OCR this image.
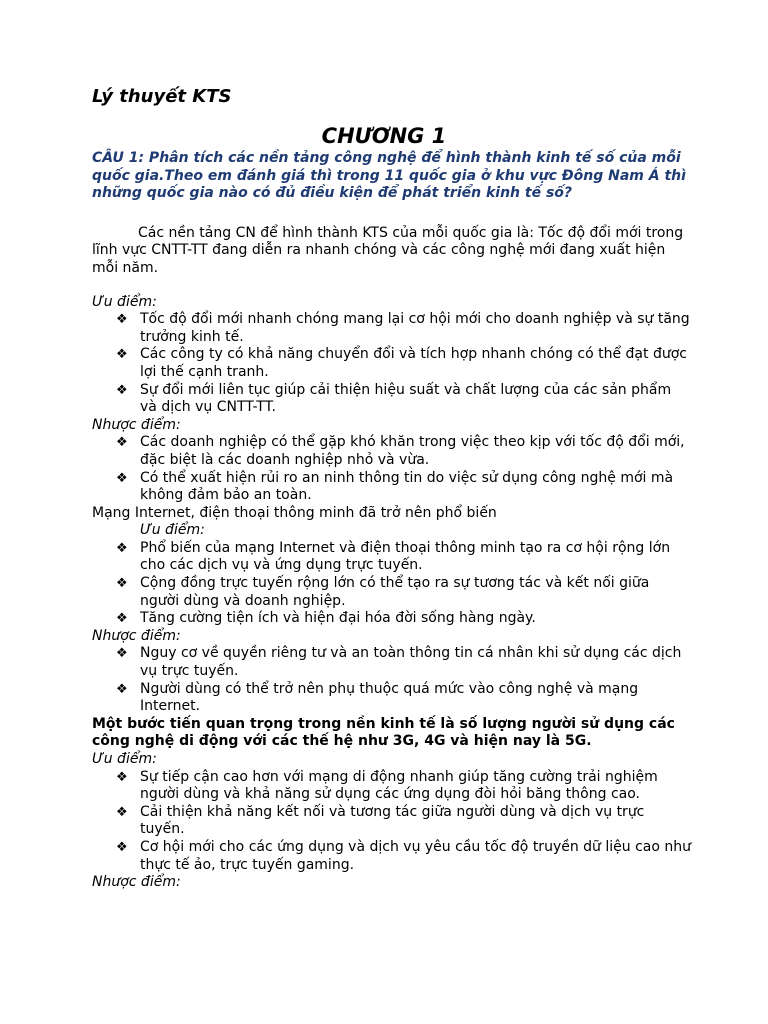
Lý thuyết KTS
CHƯƠNG 1
CÂU 1: Phân tích các nền tảng công nghệ để hình thành kinh tế số của mỗi quốc gia.Theo em đánh giá thì trong 11 quốc gia ở khu vực Đông Nam Á thì những quốc gia nào có đủ điều kiện để phát triển kinh tế số?
Các nền tảng CN để hình thành KTS của mỗi quốc gia là: Tốc độ đổi mới trong lĩnh vực CNTT-TT đang diễn ra nhanh chóng và các công nghệ mới đang xuất hiện mỗi năm.
Ưu điểm:
❖ Tốc độ đổi mới nhanh chóng mang lại cơ hội mới cho doanh nghiệp và sự tăng trưởng kinh tế.
❖ Các công ty có khả năng chuyển đổi và tích hợp nhanh chóng có thể đạt được lợi thế cạnh tranh.
❖ Sự đổi mới liên tục giúp cải thiện hiệu suất và chất lượng của các sản phẩm và dịch vụ CNTT-TT.
Nhược điểm:
❖ Các doanh nghiệp có thể gặp khó khăn trong việc theo kịp với tốc độ đổi mới, đặc biệt là các doanh nghiệp nhỏ và vừa.
❖ Có thể xuất hiện rủi ro an ninh thông tin do việc sử dụng công nghệ mới mà không đảm bảo an toàn.
Mạng Internet, điện thoại thông minh đã trở nên phổ biến
Ưu điểm:
❖ Phổ biến của mạng Internet và điện thoại thông minh tạo ra cơ hội rộng lớn cho các dịch vụ và ứng dụng trực tuyến.
❖ Cộng đồng trực tuyến rộng lớn có thể tạo ra sự tương tác và kết nối giữa người dùng và doanh nghiệp.
❖ Tăng cường tiện ích và hiện đại hóa đời sống hàng ngày.
Nhược điểm:
❖ Nguy cơ về quyền riêng tư và an toàn thông tin cá nhân khi sử dụng các dịch vụ trực tuyến.
❖ Người dùng có thể trở nên phụ thuộc quá mức vào công nghệ và mạng Internet.
Một bước tiến quan trọng trong nền kinh tế là số lượng người sử dụng các công nghệ di động với các thế hệ như 3G, 4G và hiện nay là 5G.
Ưu điểm:
❖ Sự tiếp cận cao hơn với mạng di động nhanh giúp tăng cường trải nghiệm người dùng và khả năng sử dụng các ứng dụng đòi hỏi băng thông cao.
❖ Cải thiện khả năng kết nối và tương tác giữa người dùng và dịch vụ trực tuyến.
❖ Cơ hội mới cho các ứng dụng và dịch vụ yêu cầu tốc độ truyền dữ liệu cao như thực tế ảo, trực tuyến gaming.
Nhược điểm:
